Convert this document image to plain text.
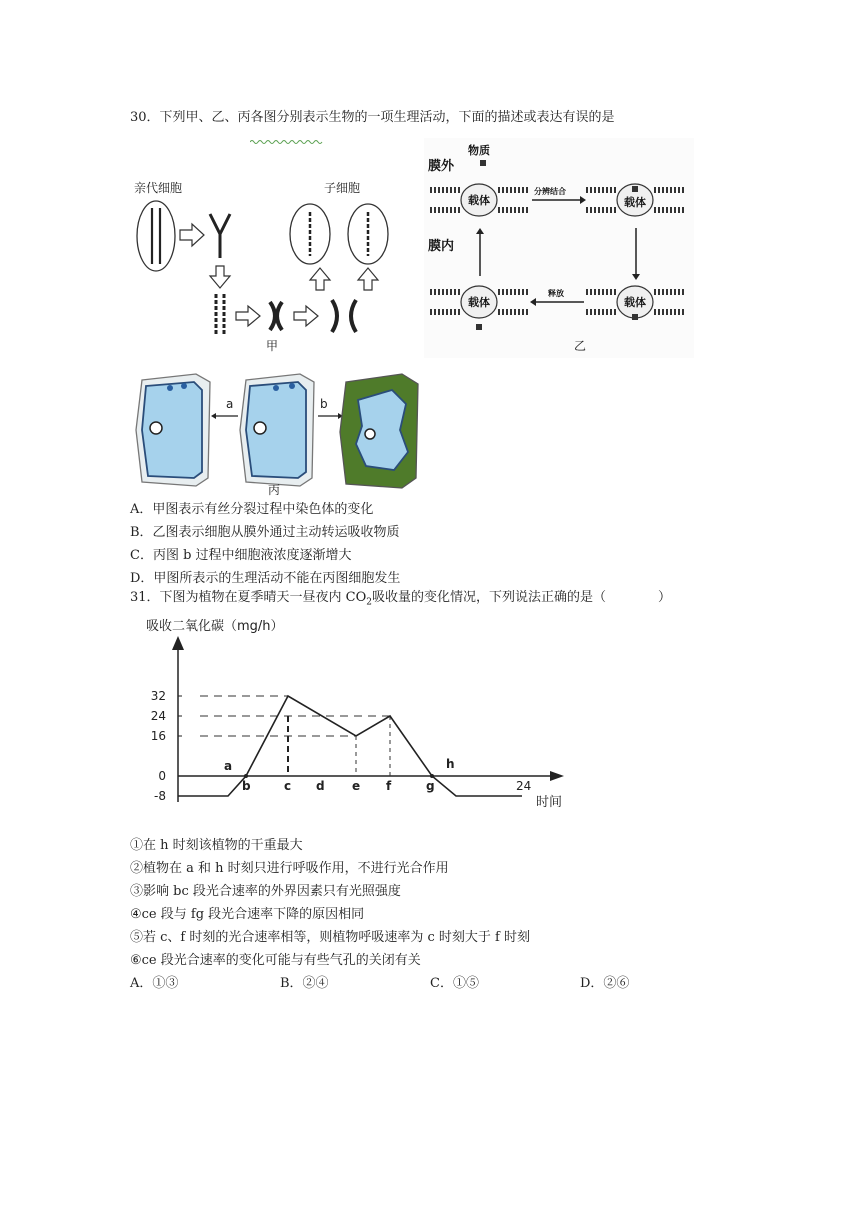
30．下列甲、乙、丙各图分别表示生物的一项生理活动，下面的描述或表达有误的是
亲代细胞	子细胞
甲
物质
膜外
膜内
载体	载体
载体	载体
分辨结合
释放
乙
a	b
丙
A．甲图表示有丝分裂过程中染色体的变化
B．乙图表示细胞从膜外通过主动转运吸收物质
C．丙图 b 过程中细胞液浓度逐渐增大
D．甲图所表示的生理活动不能在丙图细胞发生
31．下图为植物在夏季晴天一昼夜内 $CO_2$吸收量的变化情况，下列说法正确的是（　　　　）
吸收二氧化碳（mg/h）
时间
32
24
16
0
-8
a
b	c d e f	g
h
24
①在 h 时刻该植物的干重最大
②植物在 a 和 h 时刻只进行呼吸作用，不进行光合作用
③影响 bc 段光合速率的外界因素只有光照强度
④ce 段与 fg 段光合速率下降的原因相同
⑤若 c、f 时刻的光合速率相等，则植物呼吸速率为 c 时刻大于 f 时刻
⑥ce 段光合速率的变化可能与有些气孔的关闭有关
A．①③	B．②④	C．①⑤	D．②⑥
